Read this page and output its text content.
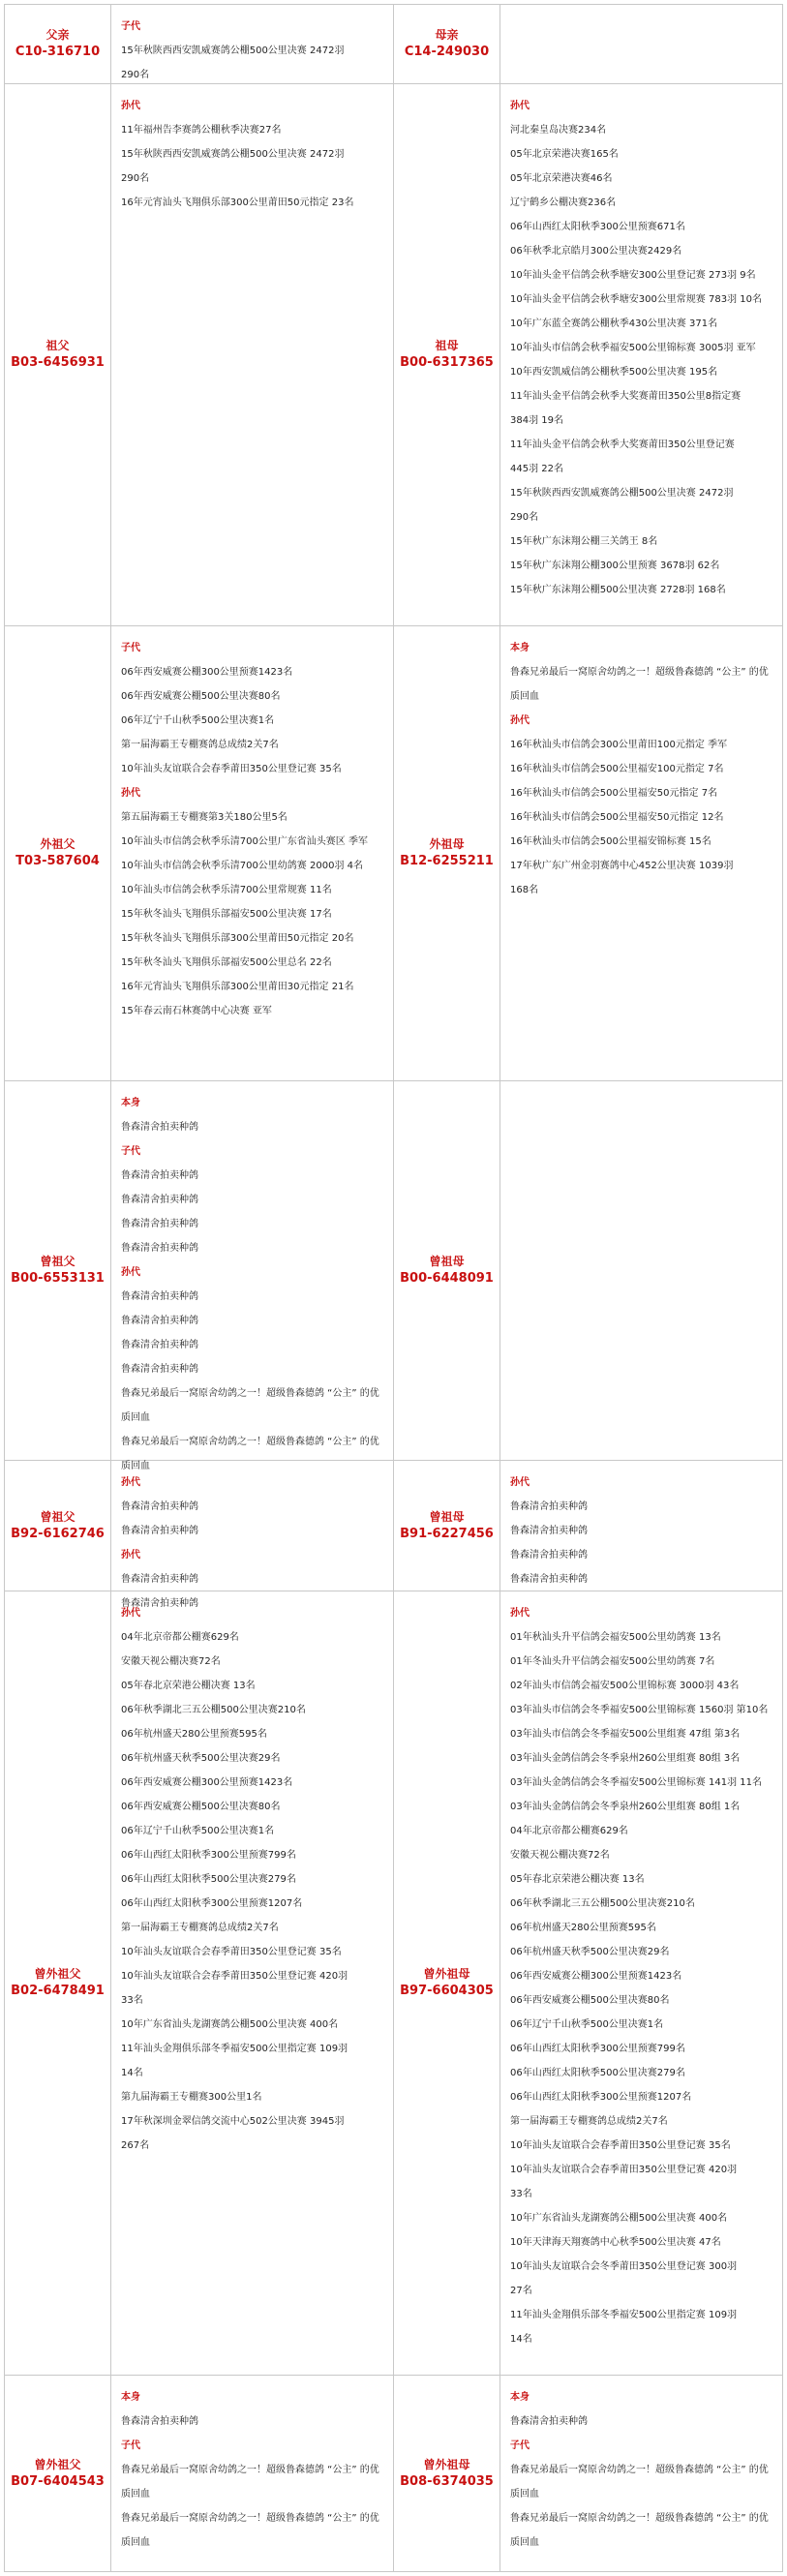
父亲
C10-316710
子代
15年秋陕西西安凯威赛鸽公棚500公里决赛 2472羽
290名
母亲
C14-249030
祖父
B03-6456931
孙代
11年福州告李赛鸽公棚秋季决赛27名
15年秋陕西西安凯威赛鸽公棚500公里决赛 2472羽
290名
16年元宵汕头飞翔俱乐部300公里莆田50元指定 23名
祖母
B00-6317365
孙代
河北秦皇岛决赛234名
05年北京荣港决赛165名
05年北京荣港决赛46名
辽宁鹤乡公棚决赛236名
06年山西红太阳秋季300公里预赛671名
06年秋季北京皓月300公里决赛2429名
10年汕头金平信鸽会秋季塘安300公里登记赛 273羽 9名
10年汕头金平信鸽会秋季塘安300公里常规赛 783羽 10名
10年广东蓝全赛鸽公棚秋季430公里决赛 371名
10年汕头市信鸽会秋季福安500公里锦标赛 3005羽 亚军
10年西安凯威信鸽公棚秋季500公里决赛 195名
11年汕头金平信鸽会秋季大奖赛莆田350公里8指定赛
384羽 19名
11年汕头金平信鸽会秋季大奖赛莆田350公里登记赛
445羽 22名
15年秋陕西西安凯威赛鸽公棚500公里决赛 2472羽
290名
15年秋广东沫翔公棚三关鸽王 8名
15年秋广东沫翔公棚300公里预赛 3678羽 62名
15年秋广东沫翔公棚500公里决赛 2728羽 168名
外祖父
T03-587604
子代
06年西安威赛公棚300公里预赛1423名
06年西安威赛公棚500公里决赛80名
06年辽宁千山秋季500公里决赛1名
第一届海霸王专棚赛鸽总成绩2关7名
10年汕头友谊联合会春季莆田350公里登记赛 35名
孙代
第五届海霸王专棚赛第3关180公里5名
10年汕头市信鸽会秋季乐清700公里广东省汕头赛区 季军
10年汕头市信鸽会秋季乐清700公里幼鸽赛 2000羽 4名
10年汕头市信鸽会秋季乐清700公里常规赛 11名
15年秋冬汕头飞翔俱乐部福安500公里决赛 17名
15年秋冬汕头飞翔俱乐部300公里莆田50元指定 20名
15年秋冬汕头飞翔俱乐部福安500公里总名 22名
16年元宵汕头飞翔俱乐部300公里莆田30元指定 21名
15年春云南石林赛鸽中心决赛 亚军
外祖母
B12-6255211
本身
鲁森兄弟最后一窝原舍幼鸽之一！超级鲁森德鸽 “公主” 的优质回血
孙代
16年秋汕头市信鸽会300公里莆田100元指定 季军
16年秋汕头市信鸽会500公里福安100元指定 7名
16年秋汕头市信鸽会500公里福安50元指定 7名
16年秋汕头市信鸽会500公里福安50元指定 12名
16年秋汕头市信鸽会500公里福安锦标赛 15名
17年秋广东广州金羽赛鸽中心452公里决赛 1039羽
168名
曾祖父
B00-6553131
本身
鲁森清舍拍卖种鸽
子代
鲁森清舍拍卖种鸽
鲁森清舍拍卖种鸽
鲁森清舍拍卖种鸽
鲁森清舍拍卖种鸽
孙代
鲁森清舍拍卖种鸽
鲁森清舍拍卖种鸽
鲁森清舍拍卖种鸽
鲁森清舍拍卖种鸽
鲁森兄弟最后一窝原舍幼鸽之一！超级鲁森德鸽 “公主” 的优质回血
鲁森兄弟最后一窝原舍幼鸽之一！超级鲁森德鸽 “公主” 的优质回血
曾祖母
B00-6448091
曾祖父
B92-6162746
孙代
鲁森清舍拍卖种鸽
鲁森清舍拍卖种鸽
孙代
鲁森清舍拍卖种鸽
鲁森清舍拍卖种鸽
曾祖母
B91-6227456
孙代
鲁森清舍拍卖种鸽
鲁森清舍拍卖种鸽
鲁森清舍拍卖种鸽
鲁森清舍拍卖种鸽
曾外祖父
B02-6478491
孙代
04年北京帝都公棚赛629名
安徽天视公棚决赛72名
05年春北京荣港公棚决赛 13名
06年秋季湖北三五公棚500公里决赛210名
06年杭州盛天280公里预赛595名
06年杭州盛天秋季500公里决赛29名
06年西安威赛公棚300公里预赛1423名
06年西安威赛公棚500公里决赛80名
06年辽宁千山秋季500公里决赛1名
06年山西红太阳秋季300公里预赛799名
06年山西红太阳秋季500公里决赛279名
06年山西红太阳秋季300公里预赛1207名
第一届海霸王专棚赛鸽总成绩2关7名
10年汕头友谊联合会春季莆田350公里登记赛 35名
10年汕头友谊联合会春季莆田350公里登记赛 420羽
33名
10年广东省汕头龙湖赛鸽公棚500公里决赛 400名
11年汕头金翔俱乐部冬季福安500公里指定赛 109羽
14名
第九届海霸王专棚赛300公里1名
17年秋深圳金翠信鸽交流中心502公里决赛 3945羽
267名
曾外祖母
B97-6604305
孙代
01年秋汕头升平信鸽会福安500公里幼鸽赛 13名
01年冬汕头升平信鸽会福安500公里幼鸽赛 7名
02年汕头市信鸽会福安500公里锦标赛 3000羽 43名
03年汕头市信鸽会冬季福安500公里锦标赛 1560羽 第10名
03年汕头市信鸽会冬季福安500公里组赛 47组 第3名
03年汕头金鸽信鸽会冬季泉州260公里组赛 80组 3名
03年汕头金鸽信鸽会冬季福安500公里锦标赛 141羽 11名
03年汕头金鸽信鸽会冬季泉州260公里组赛 80组 1名
04年北京帝都公棚赛629名
安徽天视公棚决赛72名
05年春北京荣港公棚决赛 13名
06年秋季湖北三五公棚500公里决赛210名
06年杭州盛天280公里预赛595名
06年杭州盛天秋季500公里决赛29名
06年西安威赛公棚300公里预赛1423名
06年西安威赛公棚500公里决赛80名
06年辽宁千山秋季500公里决赛1名
06年山西红太阳秋季300公里预赛799名
06年山西红太阳秋季500公里决赛279名
06年山西红太阳秋季300公里预赛1207名
第一届海霸王专棚赛鸽总成绩2关7名
10年汕头友谊联合会春季莆田350公里登记赛 35名
10年汕头友谊联合会春季莆田350公里登记赛 420羽
33名
10年广东省汕头龙湖赛鸽公棚500公里决赛 400名
10年天津海天翔赛鸽中心秋季500公里决赛 47名
10年汕头友谊联合会冬季莆田350公里登记赛 300羽
27名
11年汕头金翔俱乐部冬季福安500公里指定赛 109羽
14名
曾外祖父
B07-6404543
本身
鲁森清舍拍卖种鸽
子代
鲁森兄弟最后一窝原舍幼鸽之一！超级鲁森德鸽 “公主” 的优质回血
鲁森兄弟最后一窝原舍幼鸽之一！超级鲁森德鸽 “公主” 的优质回血
曾外祖母
B08-6374035
本身
鲁森清舍拍卖种鸽
子代
鲁森兄弟最后一窝原舍幼鸽之一！超级鲁森德鸽 “公主” 的优质回血
鲁森兄弟最后一窝原舍幼鸽之一！超级鲁森德鸽 “公主” 的优质回血
